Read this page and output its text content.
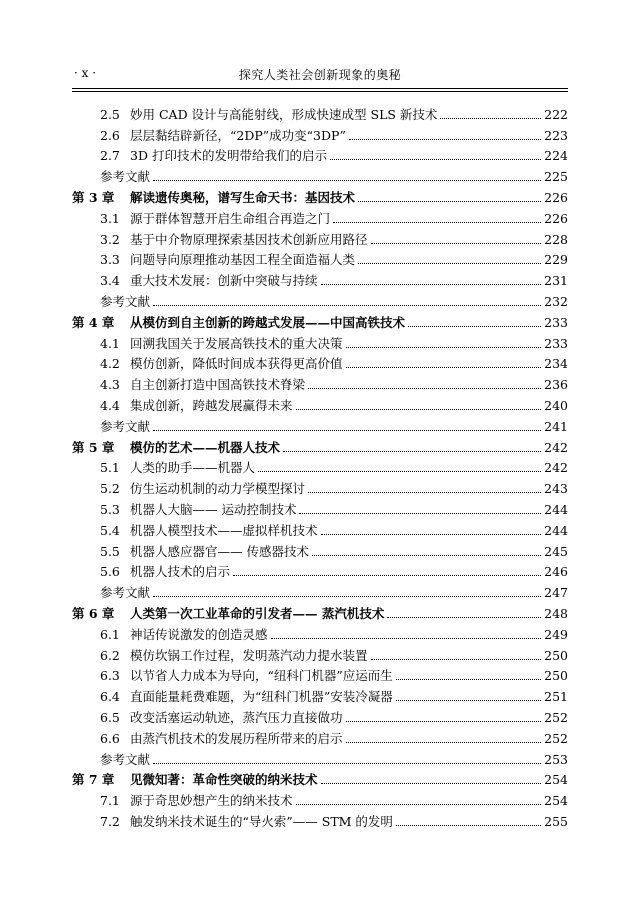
· x ·	探究人类社会创新现象的奥秘
2.5 妙用 CAD 设计与高能射线，形成快速成型 SLS 新技术	222
2.6 层层黏结辟新径，“2DP”成功变“3DP”	223
2.7 3D 打印技术的发明带给我们的启示	224
参考文献	225
第 3 章	解读遗传奥秘，谱写生命天书：基因技术	226
3.1 源于群体智慧开启生命组合再造之门	226
3.2 基于中介物原理探索基因技术创新应用路径	228
3.3 问题导向原理推动基因工程全面造福人类	229
3.4 重大技术发展：创新中突破与持续	231
参考文献	232
第 4 章	从模仿到自主创新的跨越式发展——中国高铁技术	233
4.1 回溯我国关于发展高铁技术的重大决策	233
4.2 模仿创新，降低时间成本获得更高价值	234
4.3 自主创新打造中国高铁技术脊梁	236
4.4 集成创新，跨越发展赢得未来	240
参考文献	241
第 5 章	模仿的艺术——机器人技术	242
5.1 人类的助手——机器人	242
5.2 仿生运动机制的动力学模型探讨	243
5.3 机器人大脑—— 运动控制技术	244
5.4 机器人模型技术——虚拟样机技术	244
5.5 机器人感应器官—— 传感器技术	245
5.6 机器人技术的启示	246
参考文献	247
第 6 章	人类第一次工业革命的引发者—— 蒸汽机技术	248
6.1 神话传说激发的创造灵感	249
6.2 模仿坎锅工作过程，发明蒸汽动力提水装置	250
6.3 以节省人力成本为导向，“纽科门机器”应运而生	250
6.4 直面能量耗费难题，为“纽科门机器”安装冷凝器	251
6.5 改变活塞运动轨迹，蒸汽压力直接做功	252
6.6 由蒸汽机技术的发展历程所带来的启示	252
参考文献	253
第 7 章	见微知著：革命性突破的纳米技术	254
7.1 源于奇思妙想产生的纳米技术	254
7.2 触发纳米技术诞生的“导火索”—— STM 的发明	255
